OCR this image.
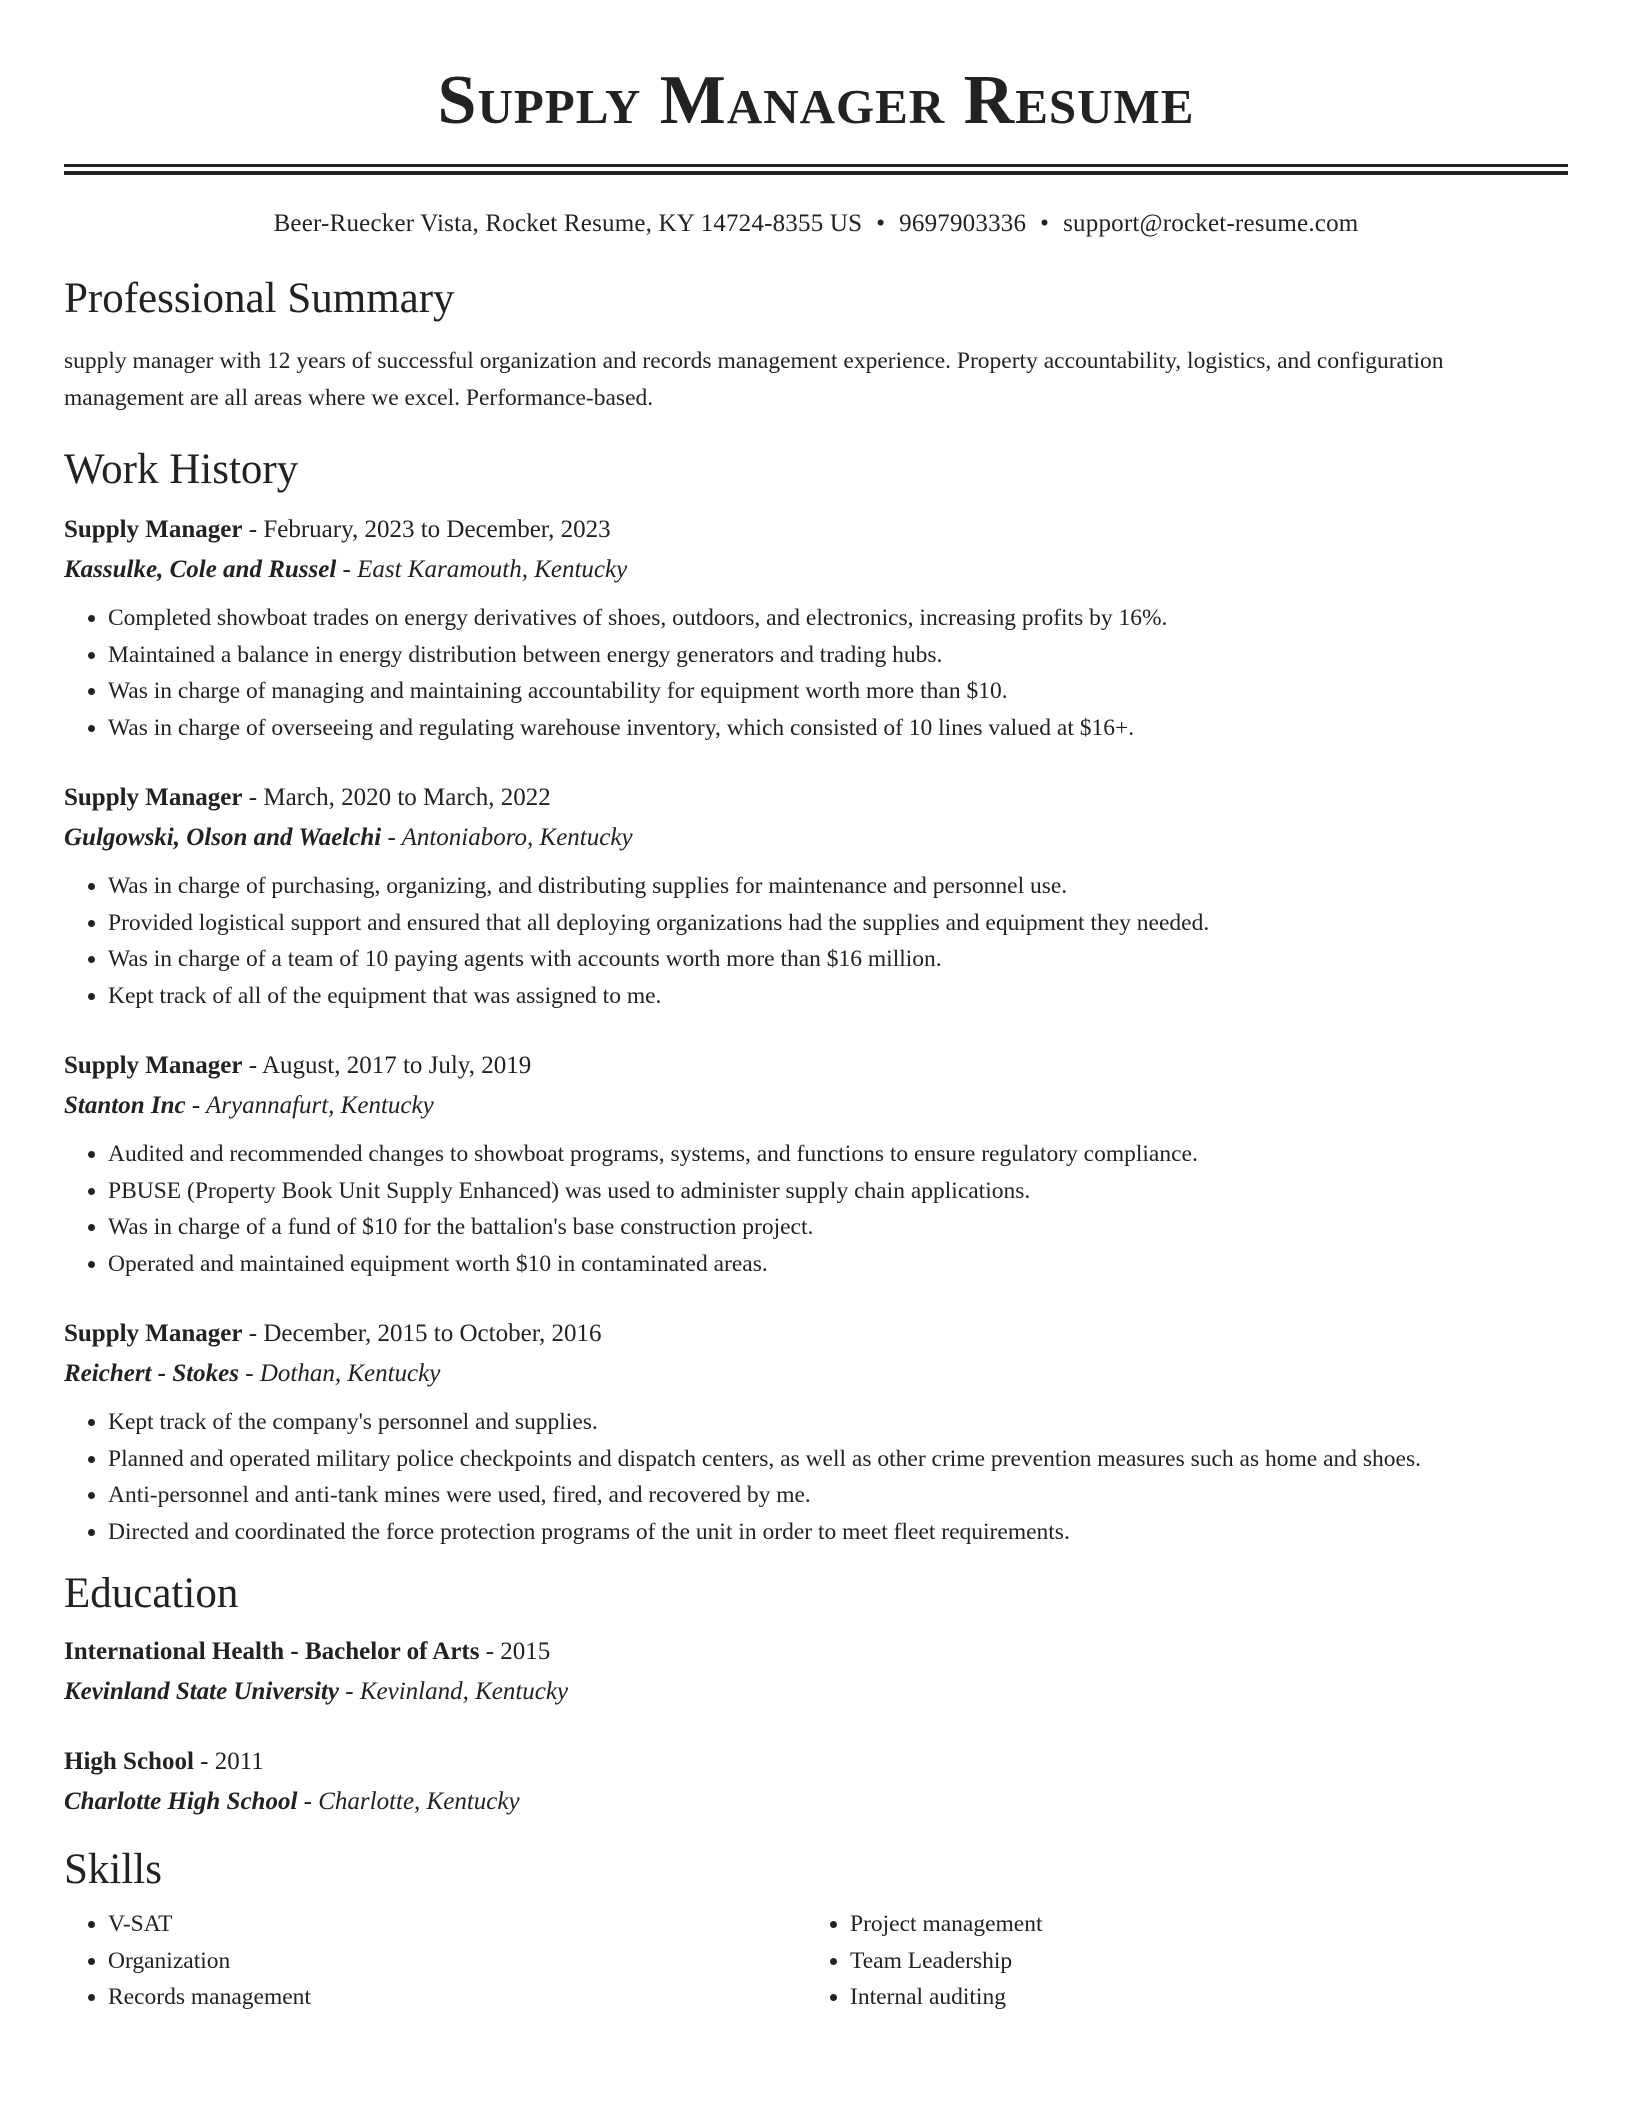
Supply Manager Resume
Beer-Ruecker Vista, Rocket Resume, KY 14724-8355 US • 9697903336 • support@rocket-resume.com
Professional Summary

supply manager with 12 years of successful organization and records management experience. Property accountability, logistics, and configuration management are all areas where we excel. Performance-based.

Work History
Supply Manager - February, 2023 to December, 2023
Kassulke, Cole and Russel - East Karamouth, Kentucky
• Completed showboat trades on energy derivatives of shoes, outdoors, and electronics, increasing profits by 16%.
• Maintained a balance in energy distribution between energy generators and trading hubs.
• Was in charge of managing and maintaining accountability for equipment worth more than $10.
• Was in charge of overseeing and regulating warehouse inventory, which consisted of 10 lines valued at $16+.
Supply Manager - March, 2020 to March, 2022
Gulgowski, Olson and Waelchi - Antoniaboro, Kentucky
• Was in charge of purchasing, organizing, and distributing supplies for maintenance and personnel use.
• Provided logistical support and ensured that all deploying organizations had the supplies and equipment they needed.
• Was in charge of a team of 10 paying agents with accounts worth more than $16 million.
• Kept track of all of the equipment that was assigned to me.
Supply Manager - August, 2017 to July, 2019
Stanton Inc - Aryannafurt, Kentucky
• Audited and recommended changes to showboat programs, systems, and functions to ensure regulatory compliance.
• PBUSE (Property Book Unit Supply Enhanced) was used to administer supply chain applications.
• Was in charge of a fund of $10 for the battalion's base construction project.
• Operated and maintained equipment worth $10 in contaminated areas.
Supply Manager - December, 2015 to October, 2016
Reichert - Stokes - Dothan, Kentucky
• Kept track of the company's personnel and supplies.
• Planned and operated military police checkpoints and dispatch centers, as well as other crime prevention measures such as home and shoes.
• Anti-personnel and anti-tank mines were used, fired, and recovered by me.
• Directed and coordinated the force protection programs of the unit in order to meet fleet requirements.
Education
International Health - Bachelor of Arts - 2015
Kevinland State University - Kevinland, Kentucky
High School - 2011
Charlotte High School - Charlotte, Kentucky
Skills
• V-SAT
• Organization
• Records management
• Project management
• Team Leadership
• Internal auditing
